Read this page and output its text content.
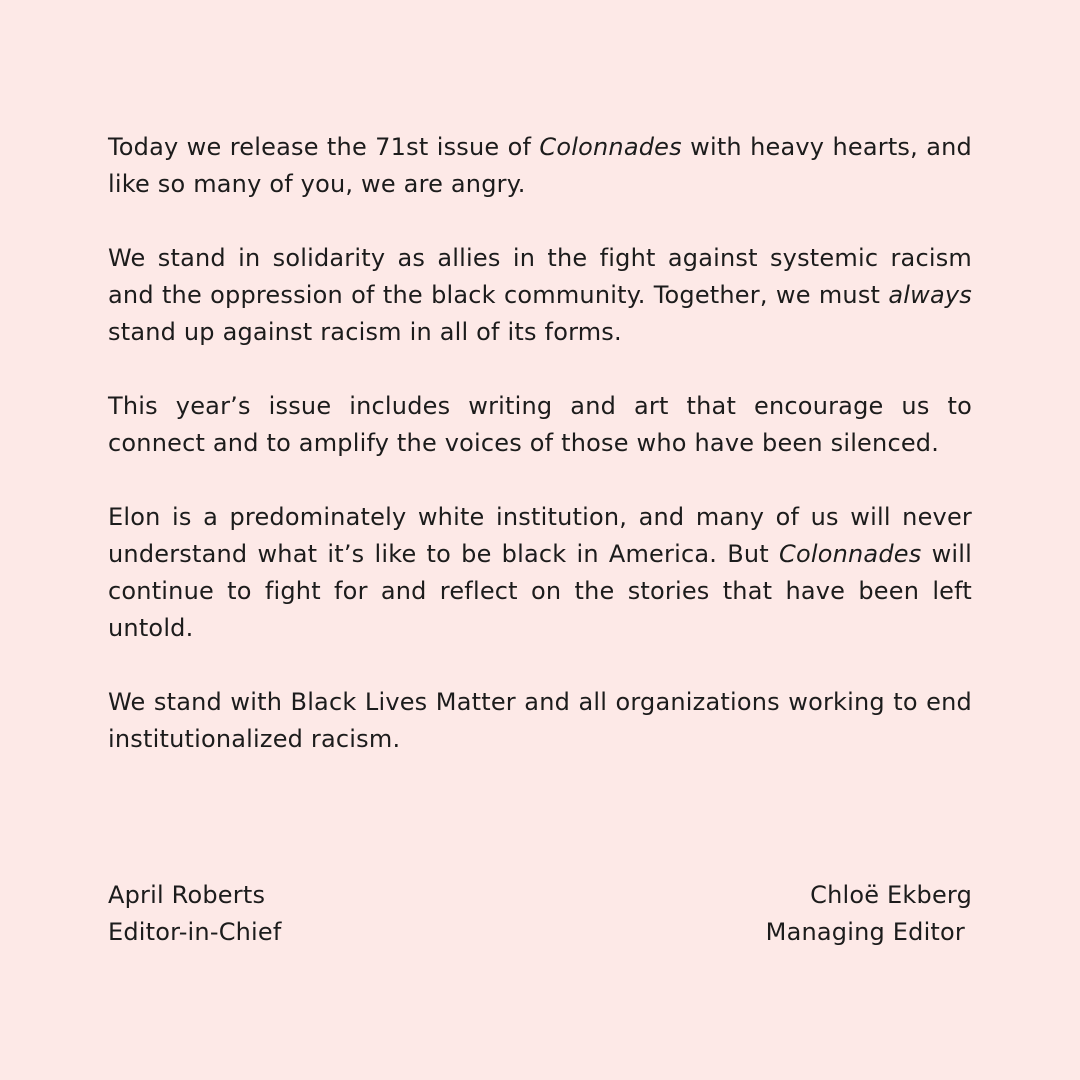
Today we release the 71st issue of Colonnades with heavy hearts, and like so many of you, we are angry.

We stand in solidarity as allies in the fight against systemic racism and the oppression of the black community. Together, we must always stand up against racism in all of its forms.

This year’s issue includes writing and art that encourage us to connect and to amplify the voices of those who have been silenced.

Elon is a predominately white institution, and many of us will never understand what it’s like to be black in America. But Colonnades will continue to fight for and reflect on the stories that have been left untold.

We stand with Black Lives Matter and all organizations working to end institutionalized racism.

April Roberts
Editor-in-Chief
Chloë Ekberg
Managing Editor
